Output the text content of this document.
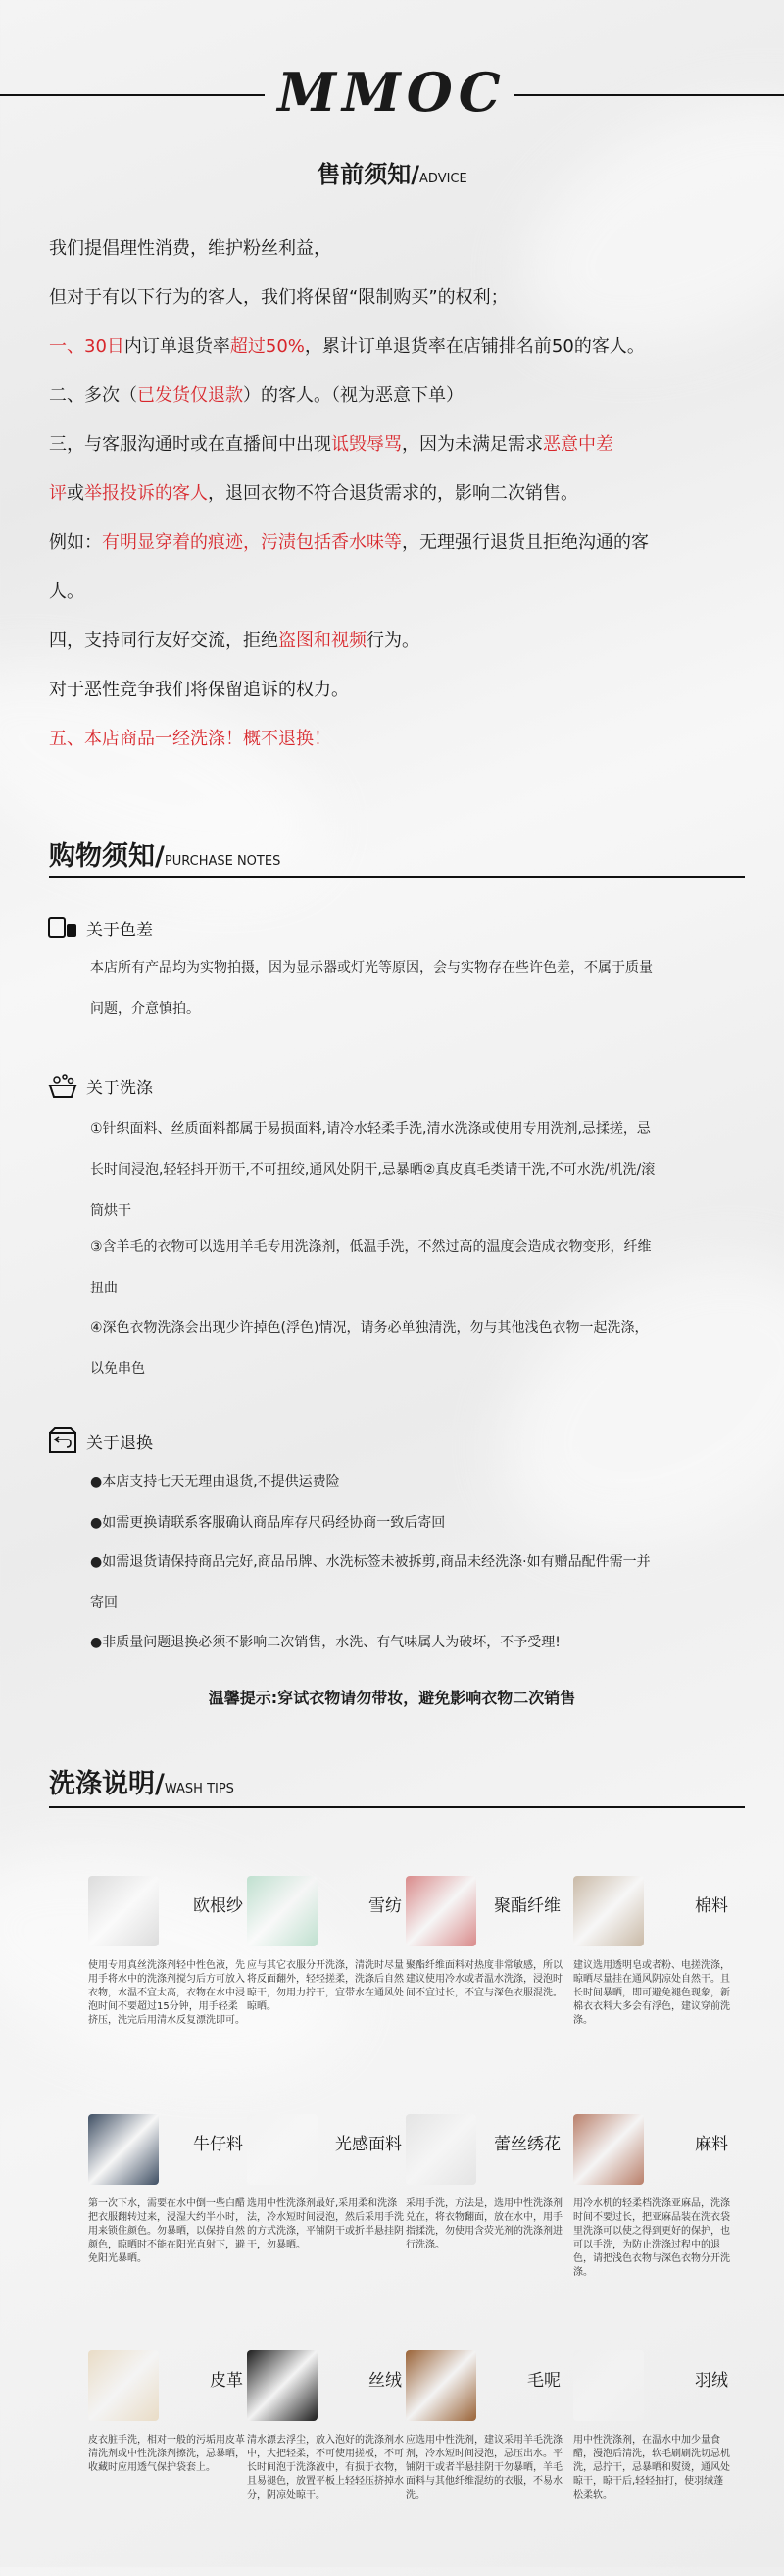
MMOC
售前须知/ADVICE
我们提倡理性消费，维护粉丝利益，
但对于有以下行为的客人，我们将保留“限制购买”的权利；
一、30日内订单退货率超过50%，累计订单退货率在店铺排名前50的客人。
二、多次（已发货仅退款）的客人。（视为恶意下单）
三，与客服沟通时或在直播间中出现诋毁辱骂，因为未满足需求恶意中差
评或举报投诉的客人，退回衣物不符合退货需求的，影响二次销售。
例如：有明显穿着的痕迹，污渍包括香水味等，无理强行退货且拒绝沟通的客
人。
四，支持同行友好交流，拒绝盗图和视频行为。
对于恶性竞争我们将保留追诉的权力。
五、本店商品一经洗涤！概不退换！
购物须知/PURCHASE NOTES
关于色差
本店所有产品均为实物拍摄，因为显示器或灯光等原因，会与实物存在些许色差，不属于质量
问题，介意慎拍。
关于洗涤
①针织面料、丝质面料都属于易损面料,请冷水轻柔手洗,清水洗涤或使用专用洗剂,忌揉搓，忌
长时间浸泡,轻轻抖开沥干,不可扭绞,通风处阴干,忌暴晒②真皮真毛类请干洗,不可水洗/机洗/滚
筒烘干
③含羊毛的衣物可以选用羊毛专用洗涤剂，低温手洗，不然过高的温度会造成衣物变形，纤维
扭曲
④深色衣物洗涤会出现少许掉色(浮色)情况，请务必单独清洗，勿与其他浅色衣物一起洗涤，
以免串色
关于退换
●本店支持七天无理由退货,不提供运费险
●如需更换请联系客服确认商品库存尺码经协商一致后寄回
●如需退货请保持商品完好,商品吊牌、水洗标签未被拆剪,商品未经洗涤·如有赠品配件需一并
寄回
●非质量问题退换必须不影响二次销售，水洗、有气味属人为破坏，不予受理!
温馨提示:穿试衣物请勿带妆，避免影响衣物二次销售
洗涤说明/WASH TIPS
欧根纱
使用专用真丝洗涤剂轻中性色液，先用手将水中的洗涤剂搅匀后方可放入衣物，水温不宜太高，衣物在水中浸泡时间不要超过15分钟，用手轻柔挤压，洗完后用清水反复漂洗即可。
雪纺
应与其它衣服分开洗涤，清洗时尽量将反面翻外，轻轻搓柔，洗涤后自然晾干，勿用力拧干，宜带水在通风处晾晒。
聚酯纤维
聚酯纤维面料对热度非常敏感，所以建议使用冷水或者温水洗涤，浸泡时间不宜过长，不宜与深色衣服混洗。
棉料
建议选用透明皂或者粉、电搓洗涤，晾晒尽量挂在通风阴凉处自然干。且长时间暴晒，即可避免褪色现象，新棉衣衣料大多会有浮色，建议穿前洗涤。
牛仔料
第一次下水，需要在水中倒一些白醋把衣服翻转过来，浸湿大约半小时，用来锁住颜色。勿暴晒，以保持自然颜色，晾晒时不能在阳光直射下，避免阳光暴晒。
光感面料
选用中性洗涤剂最好,采用柔和洗涤法，冷水短时间浸泡，然后采用手洗的方式洗涤，平铺阴干或折半悬挂阴干，勿暴晒。
蕾丝绣花
采用手洗，方法是，选用中性洗涤剂兑在，将衣物翻面，放在水中，用手指揉洗，勿使用含荧光剂的洗涤剂进行洗涤。
麻料
用冷水机的轻柔档洗涤亚麻品，洗涤时间不要过长，把亚麻品装在洗衣袋里洗涤可以使之得到更好的保护，也可以手洗，为防止洗涤过程中的退色，请把浅色衣物与深色衣物分开洗涤。
皮革
皮衣脏手洗，相对一般的污垢用皮革清洗剂或中性洗涤剂擦洗，忌暴晒，收藏时应用透气保护袋套上。
丝绒
清水漂去浮尘，放入泡好的洗涤剂水中，大把轻柔，不可使用搓板，不可长时间泡于洗涤液中，有损于衣物，且易褪色，放置平板上轻轻压挤掉水分，阴凉处晾干。
毛呢
应选用中性洗剂，建议采用羊毛洗涤剂，冷水短时间浸泡，忌压出水。平铺阴干或者半悬挂阴干勿暴晒，羊毛面料与其他纤维混纺的衣服，不易水洗。
羽绒
用中性洗涤剂，在温水中加少量食醋，漫泡后清洗，软毛刷刷洗切忌机洗，忌拧干，忌暴晒和熨烫，通风处晾干，晾干后,轻轻拍打，使羽绒蓬松柔软。
